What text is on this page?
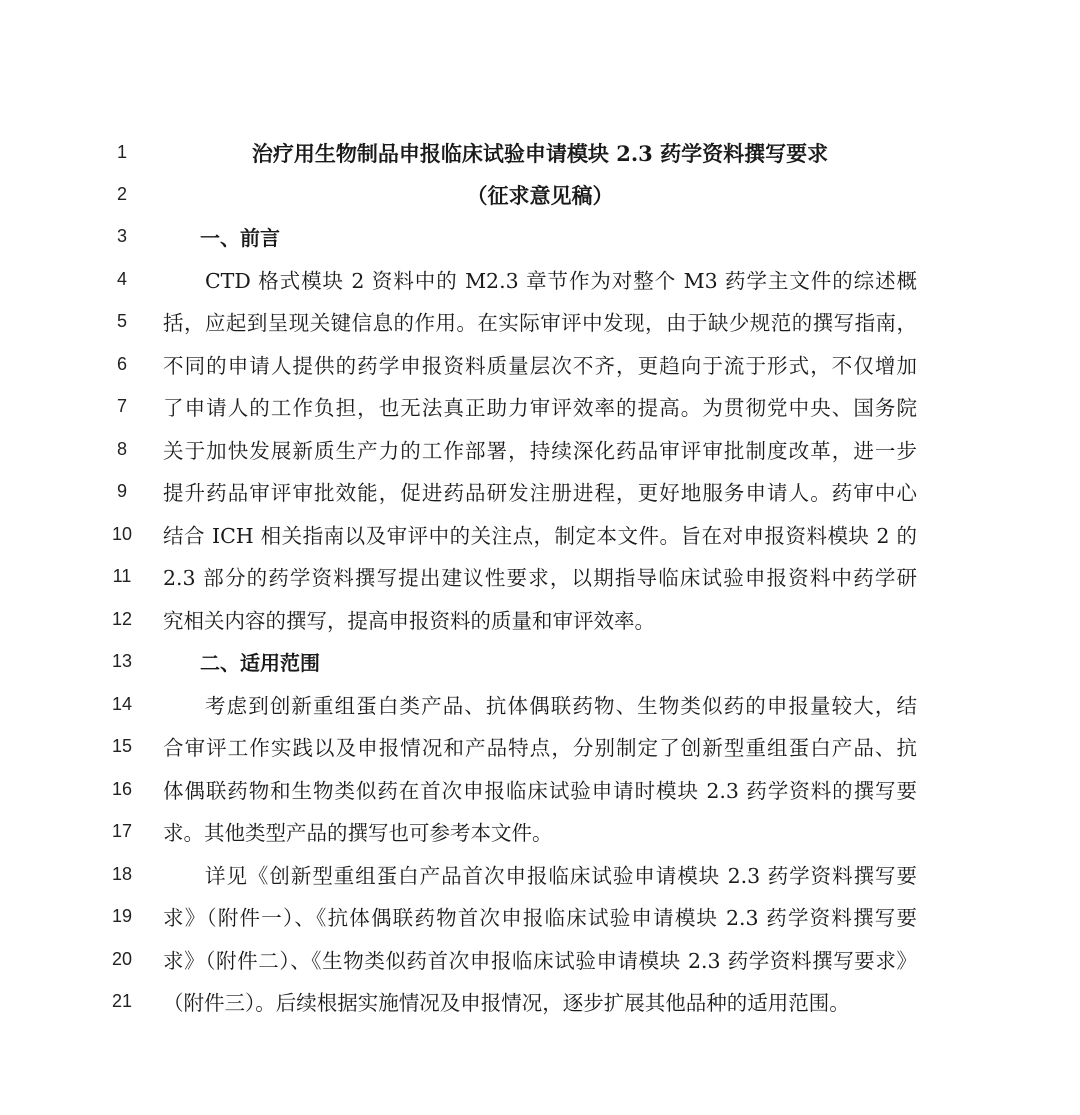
1	治疗用生物制品申报临床试验申请模块 2.3 药学资料撰写要求
2	（征求意见稿）
3	一、前言
4	CTD 格式模块 2 资料中的 M2.3 章节作为对整个 M3 药学主文件的综述概
5	括，应起到呈现关键信息的作用。在实际审评中发现，由于缺少规范的撰写指南，
6	不同的申请人提供的药学申报资料质量层次不齐，更趋向于流于形式，不仅增加
7	了申请人的工作负担，也无法真正助力审评效率的提高。为贯彻党中央、国务院
8	关于加快发展新质生产力的工作部署，持续深化药品审评审批制度改革，进一步
9	提升药品审评审批效能，促进药品研发注册进程，更好地服务申请人。药审中心
10	结合 ICH 相关指南以及审评中的关注点，制定本文件。旨在对申报资料模块 2 的
11	2.3 部分的药学资料撰写提出建议性要求，以期指导临床试验申报资料中药学研
12	究相关内容的撰写，提高申报资料的质量和审评效率。
13	二、适用范围
14	考虑到创新重组蛋白类产品、抗体偶联药物、生物类似药的申报量较大，结
15	合审评工作实践以及申报情况和产品特点，分别制定了创新型重组蛋白产品、抗
16	体偶联药物和生物类似药在首次申报临床试验申请时模块 2.3 药学资料的撰写要
17	求。其他类型产品的撰写也可参考本文件。
18	详见《创新型重组蛋白产品首次申报临床试验申请模块 2.3 药学资料撰写要
19	求》（附件一）、《抗体偶联药物首次申报临床试验申请模块 2.3 药学资料撰写要
20	求》（附件二）、《生物类似药首次申报临床试验申请模块 2.3 药学资料撰写要求》
21	（附件三）。后续根据实施情况及申报情况，逐步扩展其他品种的适用范围。
